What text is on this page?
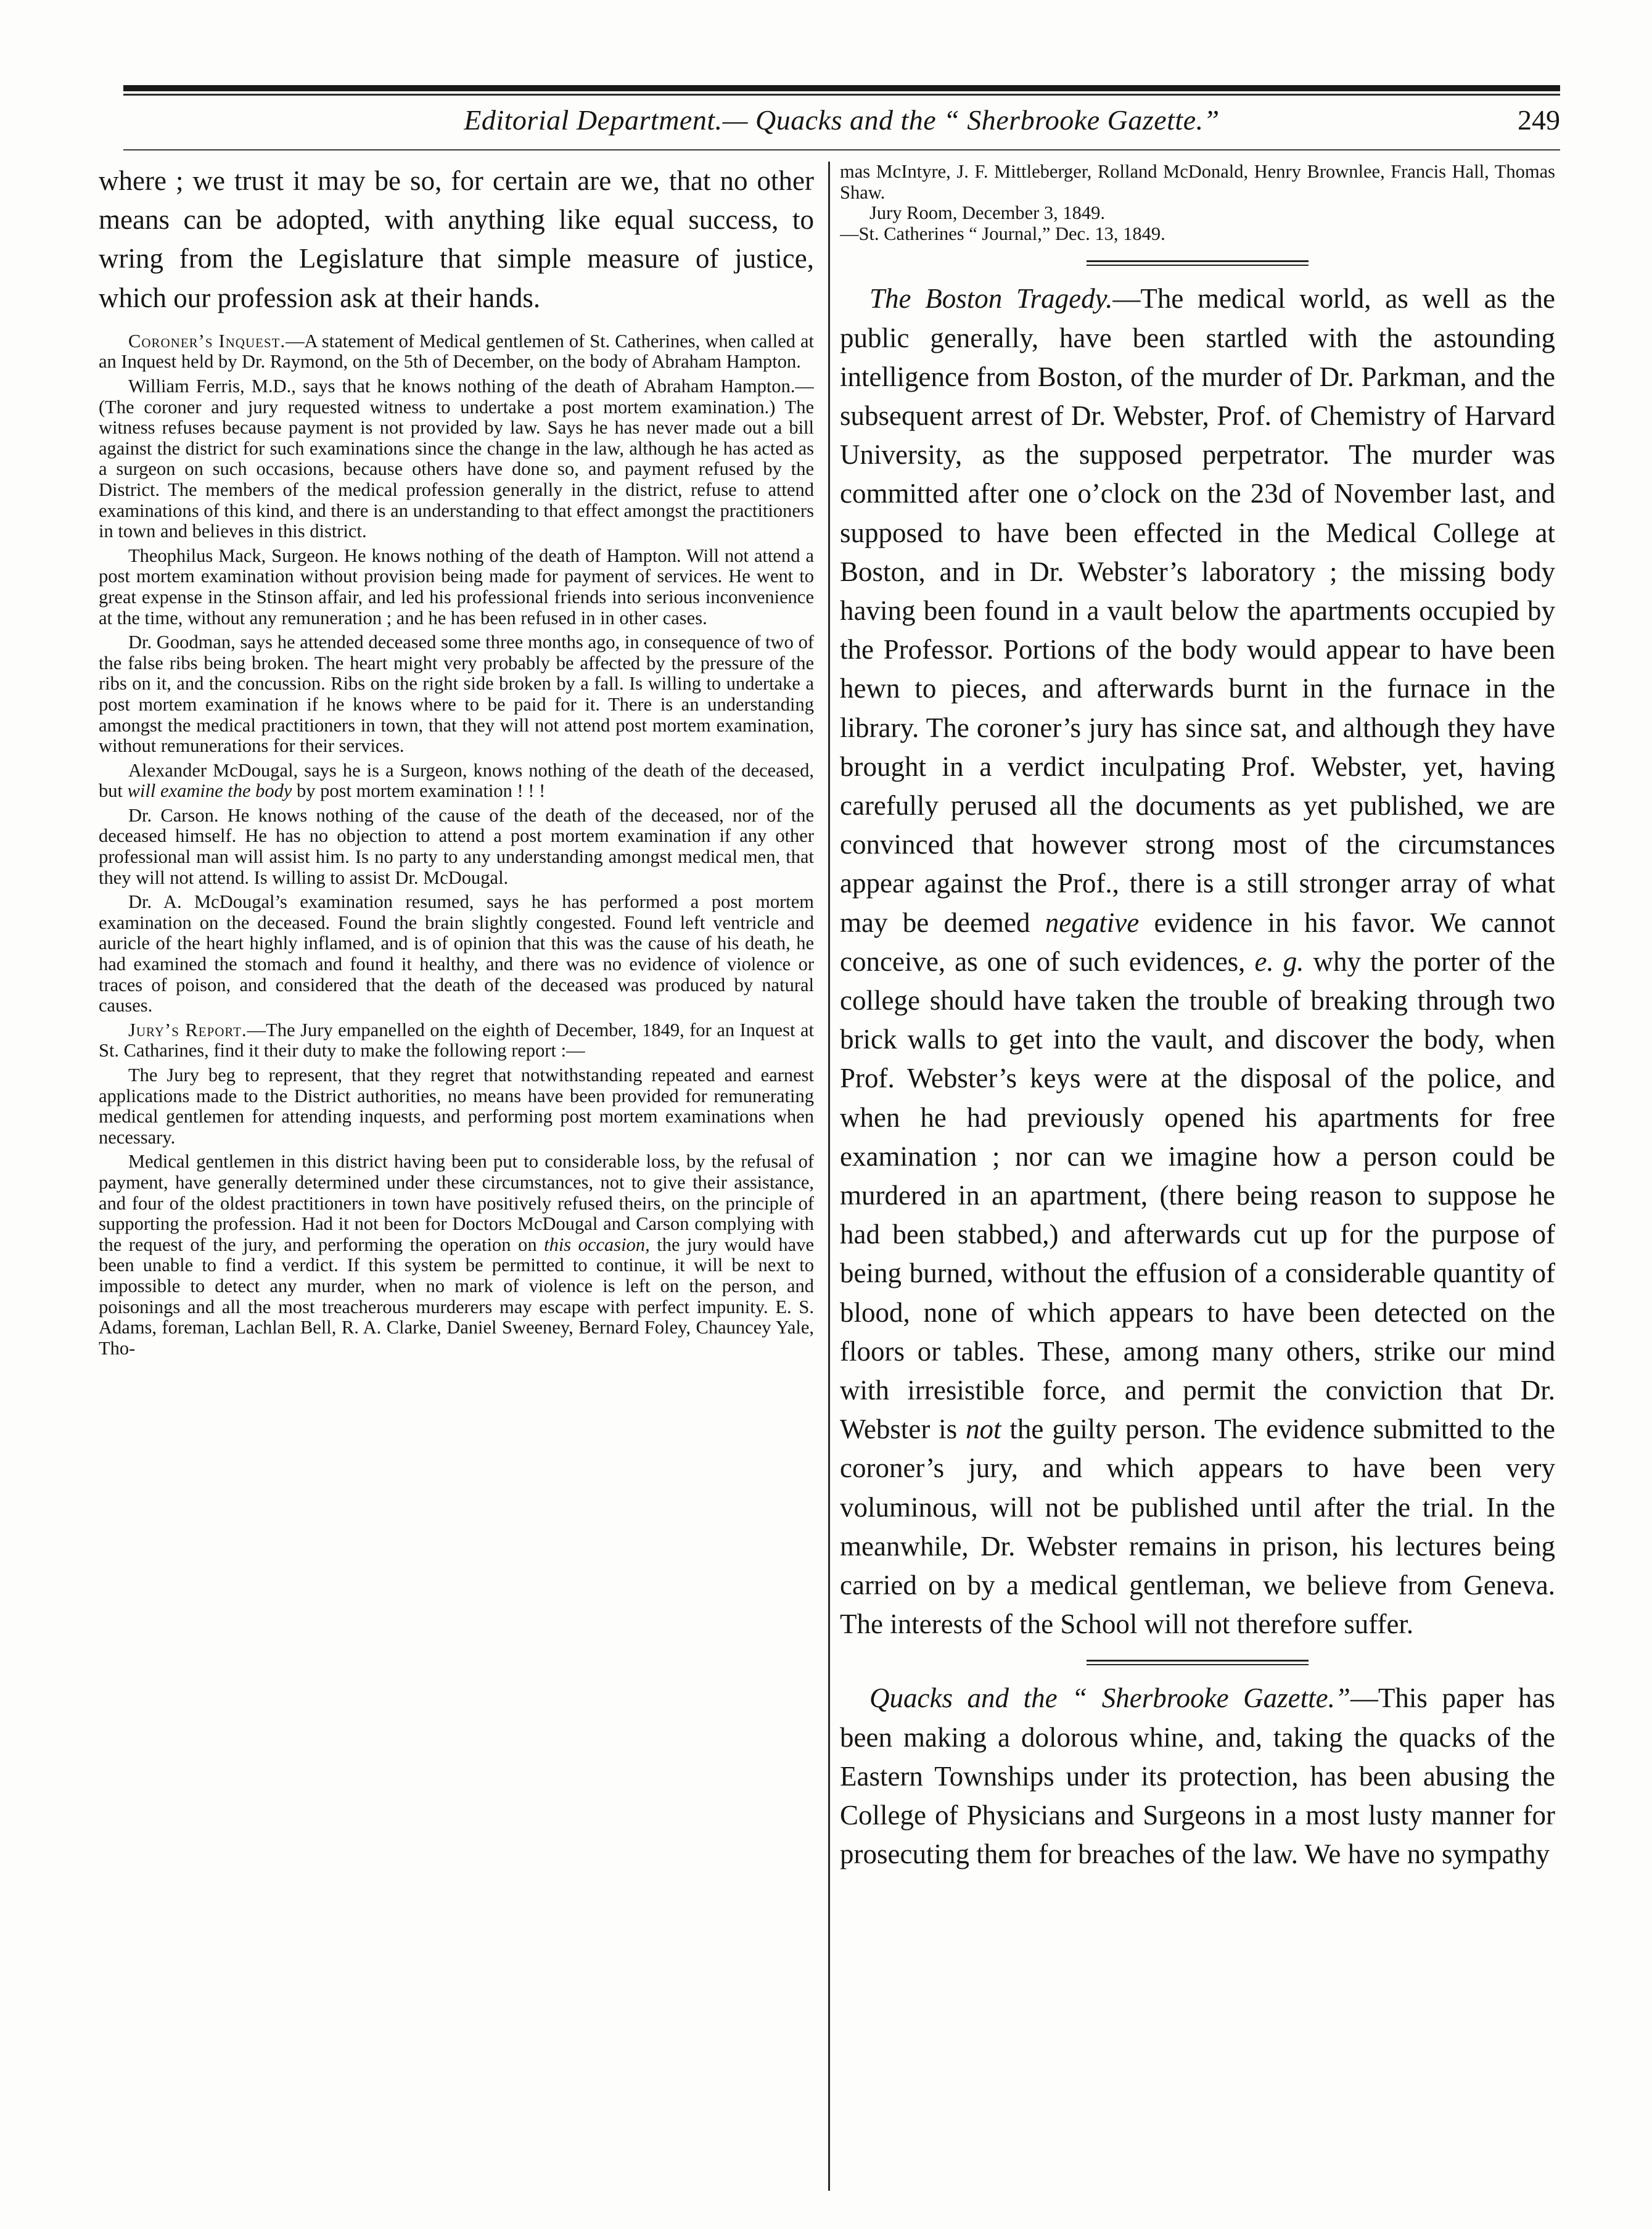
Editorial Department.— Quacks and the “ Sherbrooke Gazette.”	249

where ; we trust it may be so, for certain are we, that no other means can be adopted, with anything like equal success, to wring from the Legislature that simple measure of justice, which our profession ask at their hands.

Coroner’s Inquest.—A statement of Medical gentlemen of St. Catherines, when called at an Inquest held by Dr. Raymond, on the 5th of December, on the body of Abraham Hampton.

William Ferris, M.D., says that he knows nothing of the death of Abraham Hampton.—(The coroner and jury requested witness to undertake a post mortem examination.) The witness refuses because payment is not provided by law. Says he has never made out a bill against the district for such examinations since the change in the law, although he has acted as a surgeon on such occasions, because others have done so, and payment refused by the District. The members of the medical profession generally in the district, refuse to attend examinations of this kind, and there is an understanding to that effect amongst the practitioners in town and believes in this district.

Theophilus Mack, Surgeon. He knows nothing of the death of Hampton. Will not attend a post mortem examination without provision being made for payment of services. He went to great expense in the Stinson affair, and led his professional friends into serious inconvenience at the time, without any remuneration ; and he has been refused in in other cases.

Dr. Goodman, says he attended deceased some three months ago, in consequence of two of the false ribs being broken. The heart might very probably be affected by the pressure of the ribs on it, and the concussion. Ribs on the right side broken by a fall. Is willing to undertake a post mortem examination if he knows where to be paid for it. There is an understanding amongst the medical practitioners in town, that they will not attend post mortem examination, without remunerations for their services.

Alexander McDougal, says he is a Surgeon, knows nothing of the death of the deceased, but will examine the body by post mortem examination ! ! !

Dr. Carson. He knows nothing of the cause of the death of the deceased, nor of the deceased himself. He has no objection to attend a post mortem examination if any other professional man will assist him. Is no party to any understanding amongst medical men, that they will not attend. Is willing to assist Dr. McDougal.

Dr. A. McDougal’s examination resumed, says he has performed a post mortem examination on the deceased. Found the brain slightly congested. Found left ventricle and auricle of the heart highly inflamed, and is of opinion that this was the cause of his death, he had examined the stomach and found it healthy, and there was no evidence of violence or traces of poison, and considered that the death of the deceased was produced by natural causes.

Jury’s Report.—The Jury empanelled on the eighth of December, 1849, for an Inquest at St. Catharines, find it their duty to make the following report :—

The Jury beg to represent, that they regret that notwithstanding repeated and earnest applications made to the District authorities, no means have been provided for remunerating medical gentlemen for attending inquests, and performing post mortem examinations when necessary.

Medical gentlemen in this district having been put to considerable loss, by the refusal of payment, have generally determined under these circumstances, not to give their assistance, and four of the oldest practitioners in town have positively refused theirs, on the principle of supporting the profession. Had it not been for Doctors McDougal and Carson complying with the request of the jury, and performing the operation on this occasion, the jury would have been unable to find a verdict. If this system be permitted to continue, it will be next to impossible to detect any murder, when no mark of violence is left on the person, and poisonings and all the most treacherous murderers may escape with perfect impunity. E. S. Adams, foreman, Lachlan Bell, R. A. Clarke, Daniel Sweeney, Bernard Foley, Chauncey Yale, Tho-

mas McIntyre, J. F. Mittleberger, Rolland McDonald, Henry Brownlee, Francis Hall, Thomas Shaw.

Jury Room, December 3, 1849.

—St. Catherines “ Journal,” Dec. 13, 1849.

The Boston Tragedy.—The medical world, as well as the public generally, have been startled with the astounding intelligence from Boston, of the murder of Dr. Parkman, and the subsequent arrest of Dr. Webster, Prof. of Chemistry of Harvard University, as the supposed perpetrator. The murder was committed after one o’clock on the 23d of November last, and supposed to have been effected in the Medical College at Boston, and in Dr. Webster’s laboratory ; the missing body having been found in a vault below the apartments occupied by the Professor. Portions of the body would appear to have been hewn to pieces, and afterwards burnt in the furnace in the library. The coroner’s jury has since sat, and although they have brought in a verdict inculpating Prof. Webster, yet, having carefully perused all the documents as yet published, we are convinced that however strong most of the circumstances appear against the Prof., there is a still stronger array of what may be deemed negative evidence in his favor. We cannot conceive, as one of such evidences, e. g. why the porter of the college should have taken the trouble of breaking through two brick walls to get into the vault, and discover the body, when Prof. Webster’s keys were at the disposal of the police, and when he had previously opened his apartments for free examination ; nor can we imagine how a person could be murdered in an apartment, (there being reason to suppose he had been stabbed,) and afterwards cut up for the purpose of being burned, without the effusion of a considerable quantity of blood, none of which appears to have been detected on the floors or tables. These, among many others, strike our mind with irresistible force, and permit the conviction that Dr. Webster is not the guilty person. The evidence submitted to the coroner’s jury, and which appears to have been very voluminous, will not be published until after the trial. In the meanwhile, Dr. Webster remains in prison, his lectures being carried on by a medical gentleman, we believe from Geneva. The interests of the School will not therefore suffer.

Quacks and the “ Sherbrooke Gazette.”—This paper has been making a dolorous whine, and, taking the quacks of the Eastern Townships under its protection, has been abusing the College of Physicians and Surgeons in a most lusty manner for prosecuting them for breaches of the law. We have no sympathy
